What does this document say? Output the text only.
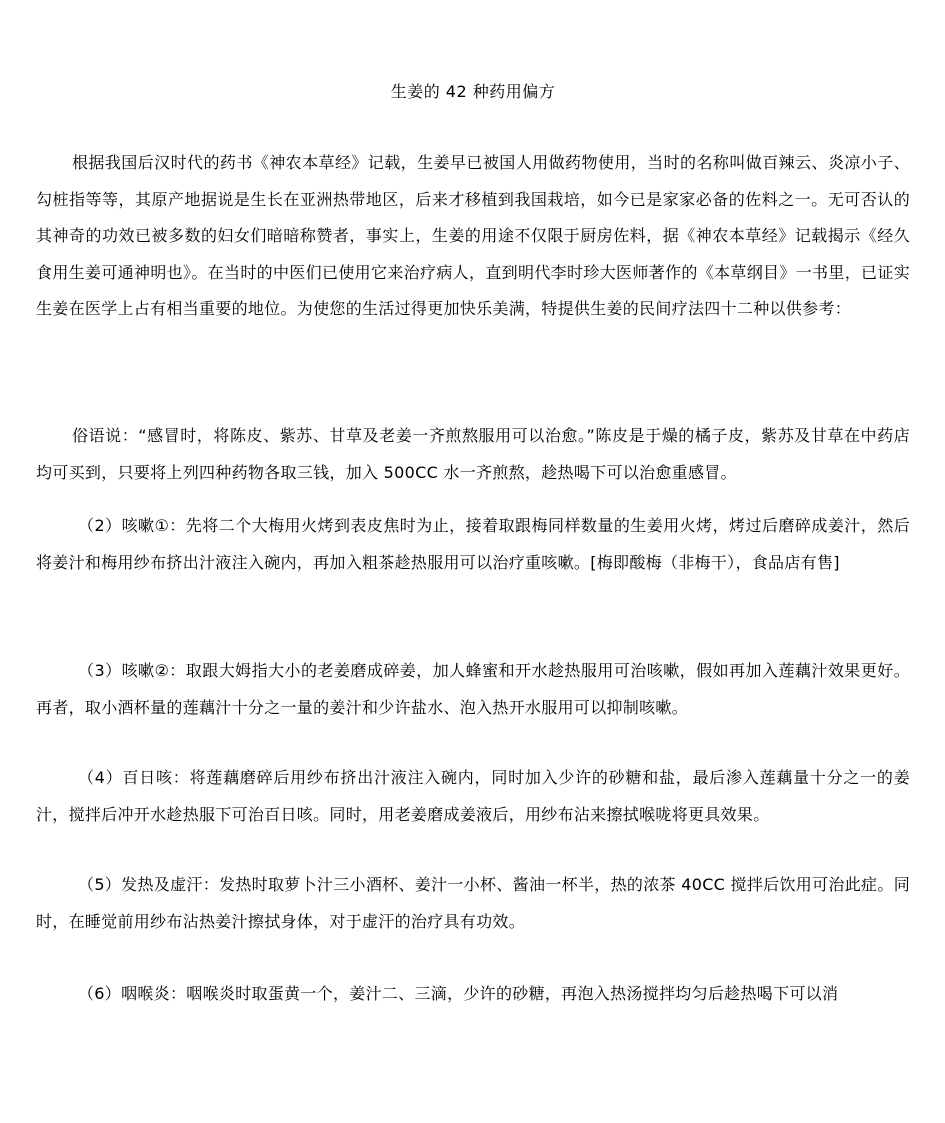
生姜的 42 种药用偏方
根据我国后汉时代的药书《神农本草经》记载，生姜早已被国人用做药物使用，当时的名称叫做百辣云、炎凉小子、勾桩指等等，其原产地据说是生长在亚洲热带地区，后来才移植到我国栽培，如今已是家家必备的佐料之一。无可否认的其神奇的功效已被多数的妇女们暗暗称赞者，事实上，生姜的用途不仅限于厨房佐料，据《神农本草经》记载揭示《经久食用生姜可通神明也》。在当时的中医们已使用它来治疗病人，直到明代李时珍大医师著作的《本草纲目》一书里，已证实生姜在医学上占有相当重要的地位。为使您的生活过得更加快乐美满，特提供生姜的民间疗法四十二种以供参考：
俗语说：“感冒时，将陈皮、紫苏、甘草及老姜一齐煎熬服用可以治愈。”陈皮是于燥的橘子皮，紫苏及甘草在中药店均可买到，只要将上列四种药物各取三钱，加入 500CC 水一齐煎熬，趁热喝下可以治愈重感冒。
（2）咳嗽①：先将二个大梅用火烤到表皮焦时为止，接着取跟梅同样数量的生姜用火烤，烤过后磨碎成姜汁，然后将姜汁和梅用纱布挤出汁液注入碗内，再加入粗茶趁热服用可以治疗重咳嗽。[梅即酸梅（非梅干），食品店有售]
（3）咳嗽②：取跟大姆指大小的老姜磨成碎姜，加人蜂蜜和开水趁热服用可治咳嗽，假如再加入莲藕汁效果更好。再者，取小酒杯量的莲藕汁十分之一量的姜汁和少许盐水、泡入热开水服用可以抑制咳嗽。
（4）百日咳：将莲藕磨碎后用纱布挤出汁液注入碗内，同时加入少许的砂糖和盐，最后渗入莲藕量十分之一的姜汁，搅拌后冲开水趁热服下可治百日咳。同时，用老姜磨成姜液后，用纱布沾来擦拭喉咙将更具效果。
（5）发热及虚汗：发热时取萝卜汁三小酒杯、姜汁一小杯、酱油一杯半，热的浓茶 40CC 搅拌后饮用可治此症。同时，在睡觉前用纱布沾热姜汁擦拭身体，对于虚汗的治疗具有功效。
（6）咽喉炎：咽喉炎时取蛋黄一个，姜汁二、三滴，少许的砂糖，再泡入热汤搅拌均匀后趁热喝下可以消
